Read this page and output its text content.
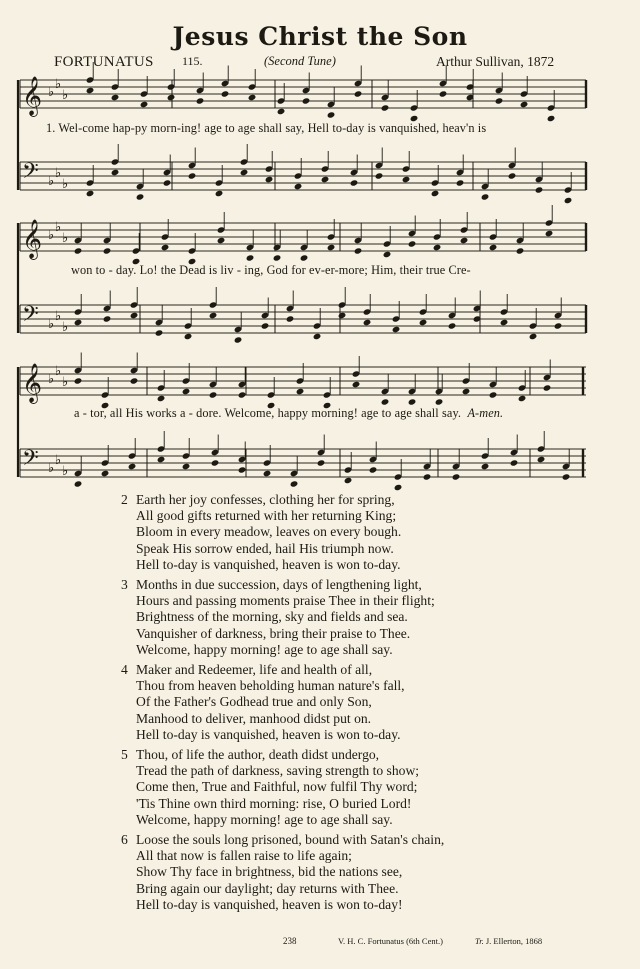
Jesus Christ the Son
FORTUNATUS 115.	(Second Tune)	Arthur Sullivan, 1872
𝄞 ♭
♭
♭
𝄢 ♭
♭
♭
𝄞 ♭
♭
♭
𝄢 ♭
♭
♭
𝄞 ♭
♭
♭
𝄢 ♭
♭
♭
1. Wel-come hap-py morn-ing! age to age shall say, Hell to-day is vanquished, heav'n is
won to - day. Lo! the Dead is liv - ing, God for ev-er-more; Him, their true Cre-
a - tor, all His works a - dore. Welcome, happy morning! age to age shall say. A-men.
2 Earth her joy confesses, clothing her for spring,
All good gifts returned with her returning King;
Bloom in every meadow, leaves on every bough.
Speak His sorrow ended, hail His triumph now.
Hell to-day is vanquished, heaven is won to-day.
3 Months in due succession, days of lengthening light,
Hours and passing moments praise Thee in their flight;
Brightness of the morning, sky and fields and sea.
Vanquisher of darkness, bring their praise to Thee.
Welcome, happy morning! age to age shall say.
4 Maker and Redeemer, life and health of all,
Thou from heaven beholding human nature's fall,
Of the Father's Godhead true and only Son,
Manhood to deliver, manhood didst put on.
Hell to-day is vanquished, heaven is won to-day.
5 Thou, of life the author, death didst undergo,
Tread the path of darkness, saving strength to show;
Come then, True and Faithful, now fulfil Thy word;
'Tis Thine own third morning: rise, O buried Lord!
Welcome, happy morning! age to age shall say.
6 Loose the souls long prisoned, bound with Satan's chain,
All that now is fallen raise to life again;
Show Thy face in brightness, bid the nations see,
Bring again our daylight; day returns with Thee.
Hell to-day is vanquished, heaven is won to-day!
238	V. H. C. Fortunatus (6th Cent.)	Tr. J. Ellerton, 1868
